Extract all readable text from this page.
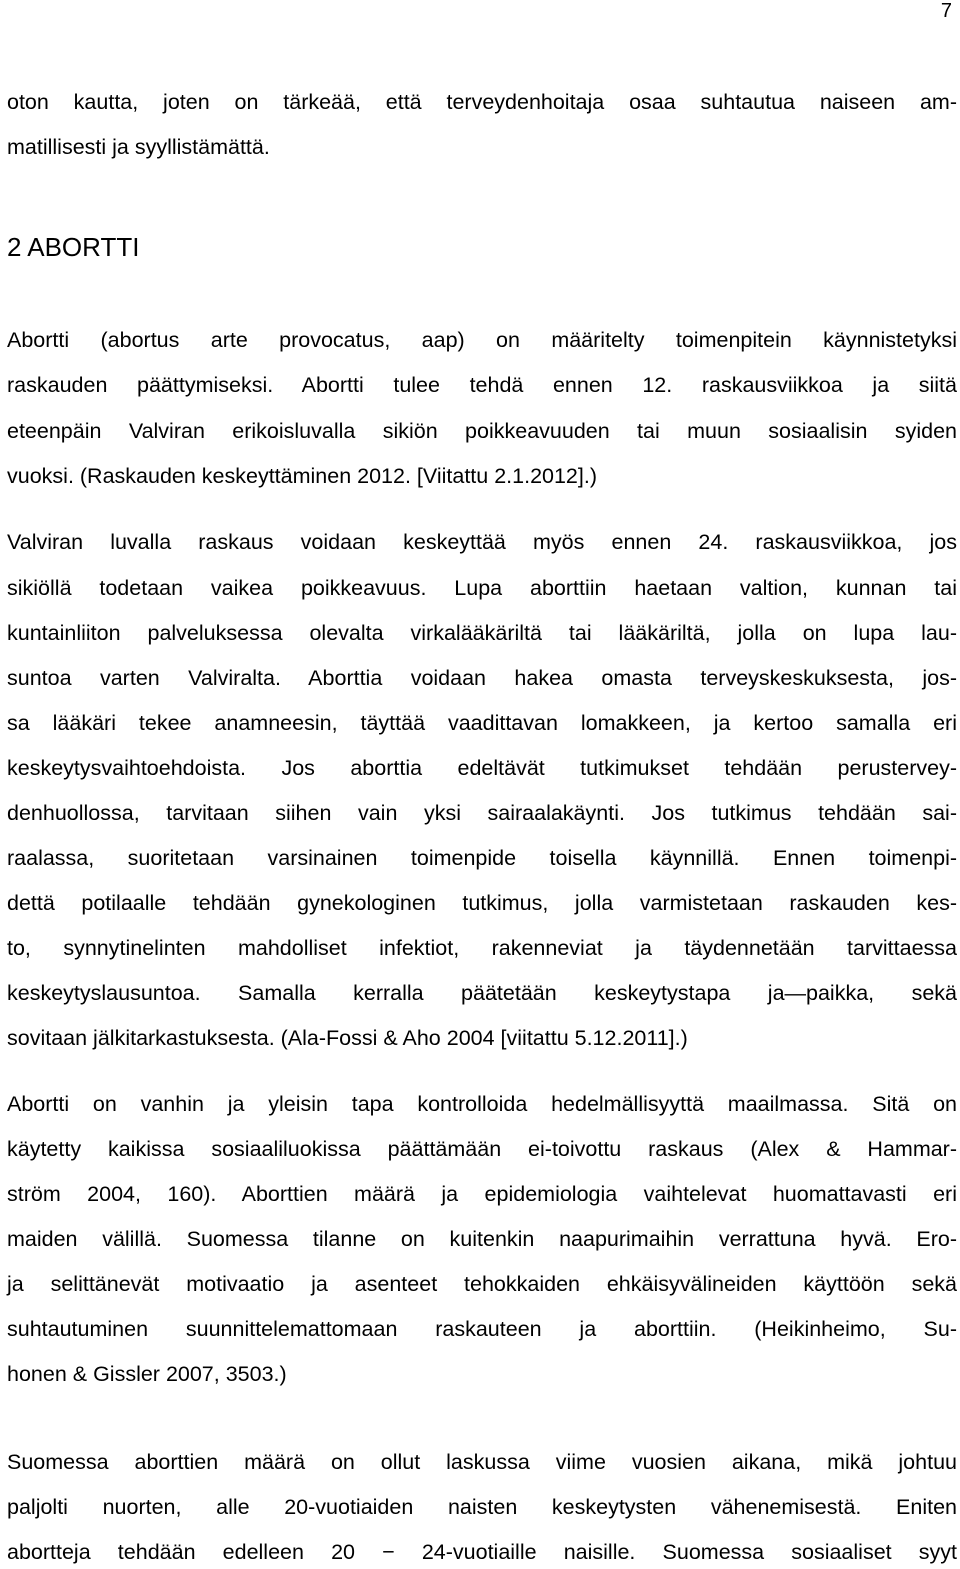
7
oton kautta, joten on tärkeää, että terveydenhoitaja osaa suhtautua naiseen am-
matillisesti ja syyllistämättä.
2 ABORTTI
Abortti (abortus arte provocatus, aap) on määritelty toimenpitein käynnistetyksi
raskauden päättymiseksi. Abortti tulee tehdä ennen 12. raskausviikkoa ja siitä
eteenpäin Valviran erikoisluvalla sikiön poikkeavuuden tai muun sosiaalisin syiden
vuoksi. (Raskauden keskeyttäminen 2012. [Viitattu 2.1.2012].)
Valviran luvalla raskaus voidaan keskeyttää myös ennen 24. raskausviikkoa, jos
sikiöllä todetaan vaikea poikkeavuus. Lupa aborttiin haetaan valtion, kunnan tai
kuntainliiton palveluksessa olevalta virkalääkäriltä tai lääkäriltä, jolla on lupa lau-
suntoa varten Valviralta. Aborttia voidaan hakea omasta terveyskeskuksesta, jos-
sa lääkäri tekee anamneesin, täyttää vaadittavan lomakkeen, ja kertoo samalla eri
keskeytysvaihtoehdoista. Jos aborttia edeltävät tutkimukset tehdään perustervey-
denhuollossa, tarvitaan siihen vain yksi sairaalakäynti. Jos tutkimus tehdään sai-
raalassa, suoritetaan varsinainen toimenpide toisella käynnillä. Ennen toimenpi-
dettä potilaalle tehdään gynekologinen tutkimus, jolla varmistetaan raskauden kes-
to, synnytinelinten mahdolliset infektiot, rakenneviat ja täydennetään tarvittaessa
keskeytyslausuntoa. Samalla kerralla päätetään keskeytystapa ja—paikka, sekä
sovitaan jälkitarkastuksesta. (Ala-Fossi & Aho 2004 [viitattu 5.12.2011].)
Abortti on vanhin ja yleisin tapa kontrolloida hedelmällisyyttä maailmassa. Sitä on
käytetty kaikissa sosiaaliluokissa päättämään ei-toivottu raskaus (Alex & Hammar-
ström 2004, 160). Aborttien määrä ja epidemiologia vaihtelevat huomattavasti eri
maiden välillä. Suomessa tilanne on kuitenkin naapurimaihin verrattuna hyvä. Ero-
ja selittänevät motivaatio ja asenteet tehokkaiden ehkäisyvälineiden käyttöön sekä
suhtautuminen suunnittelemattomaan raskauteen ja aborttiin. (Heikinheimo, Su-
honen & Gissler 2007, 3503.)
Suomessa aborttien määrä on ollut laskussa viime vuosien aikana, mikä johtuu
paljolti nuorten, alle 20-vuotiaiden naisten keskeytysten vähenemisestä. Eniten
abortteja tehdään edelleen 20 − 24-vuotiaille naisille. Suomessa sosiaaliset syyt
